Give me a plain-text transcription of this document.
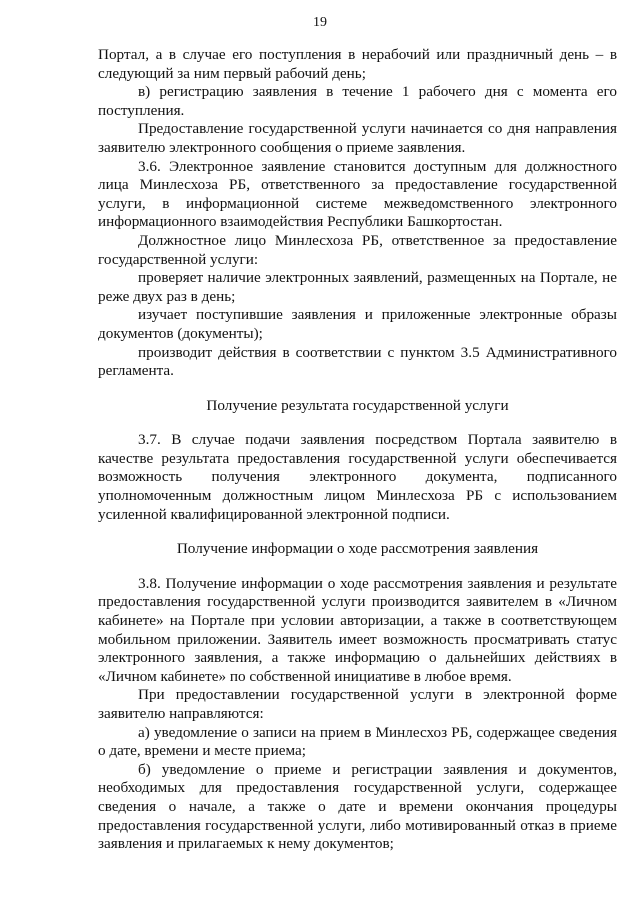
19

Портал, а в случае его поступления в нерабочий или праздничный день – в следующий за ним первый рабочий день;

в) регистрацию заявления в течение 1 рабочего дня с момента его поступления.

Предоставление государственной услуги начинается со дня направления заявителю электронного сообщения о приеме заявления.

3.6. Электронное заявление становится доступным для должностного лица Минлесхоза РБ, ответственного за предоставление государственной услуги, в информационной системе межведомственного электронного информационного взаимодействия Республики Башкортостан.

Должностное лицо Минлесхоза РБ, ответственное за предоставление государственной услуги:

проверяет наличие электронных заявлений, размещенных на Портале, не реже двух раз в день;

изучает поступившие заявления и приложенные электронные образы документов (документы);

производит действия в соответствии с пунктом 3.5 Административного регламента.

Получение результата государственной услуги

3.7. В случае подачи заявления посредством Портала заявителю в качестве результата предоставления государственной услуги обеспечивается возможность получения электронного документа, подписанного уполномоченным должностным лицом Минлесхоза РБ с использованием усиленной квалифицированной электронной подписи.

Получение информации о ходе рассмотрения заявления

3.8. Получение информации о ходе рассмотрения заявления и результате предоставления государственной услуги производится заявителем в «Личном кабинете» на Портале при условии авторизации, а также в соответствующем мобильном приложении. Заявитель имеет возможность просматривать статус электронного заявления, а также информацию о дальнейших действиях в «Личном кабинете» по собственной инициативе в любое время.

При предоставлении государственной услуги в электронной форме заявителю направляются:

а) уведомление о записи на прием в Минлесхоз РБ, содержащее сведения о дате, времени и месте приема;

б) уведомление о приеме и регистрации заявления и документов, необходимых для предоставления государственной услуги, содержащее сведения о начале, а также о дате и времени окончания процедуры предоставления государственной услуги, либо мотивированный отказ в приеме заявления и прилагаемых к нему документов;
